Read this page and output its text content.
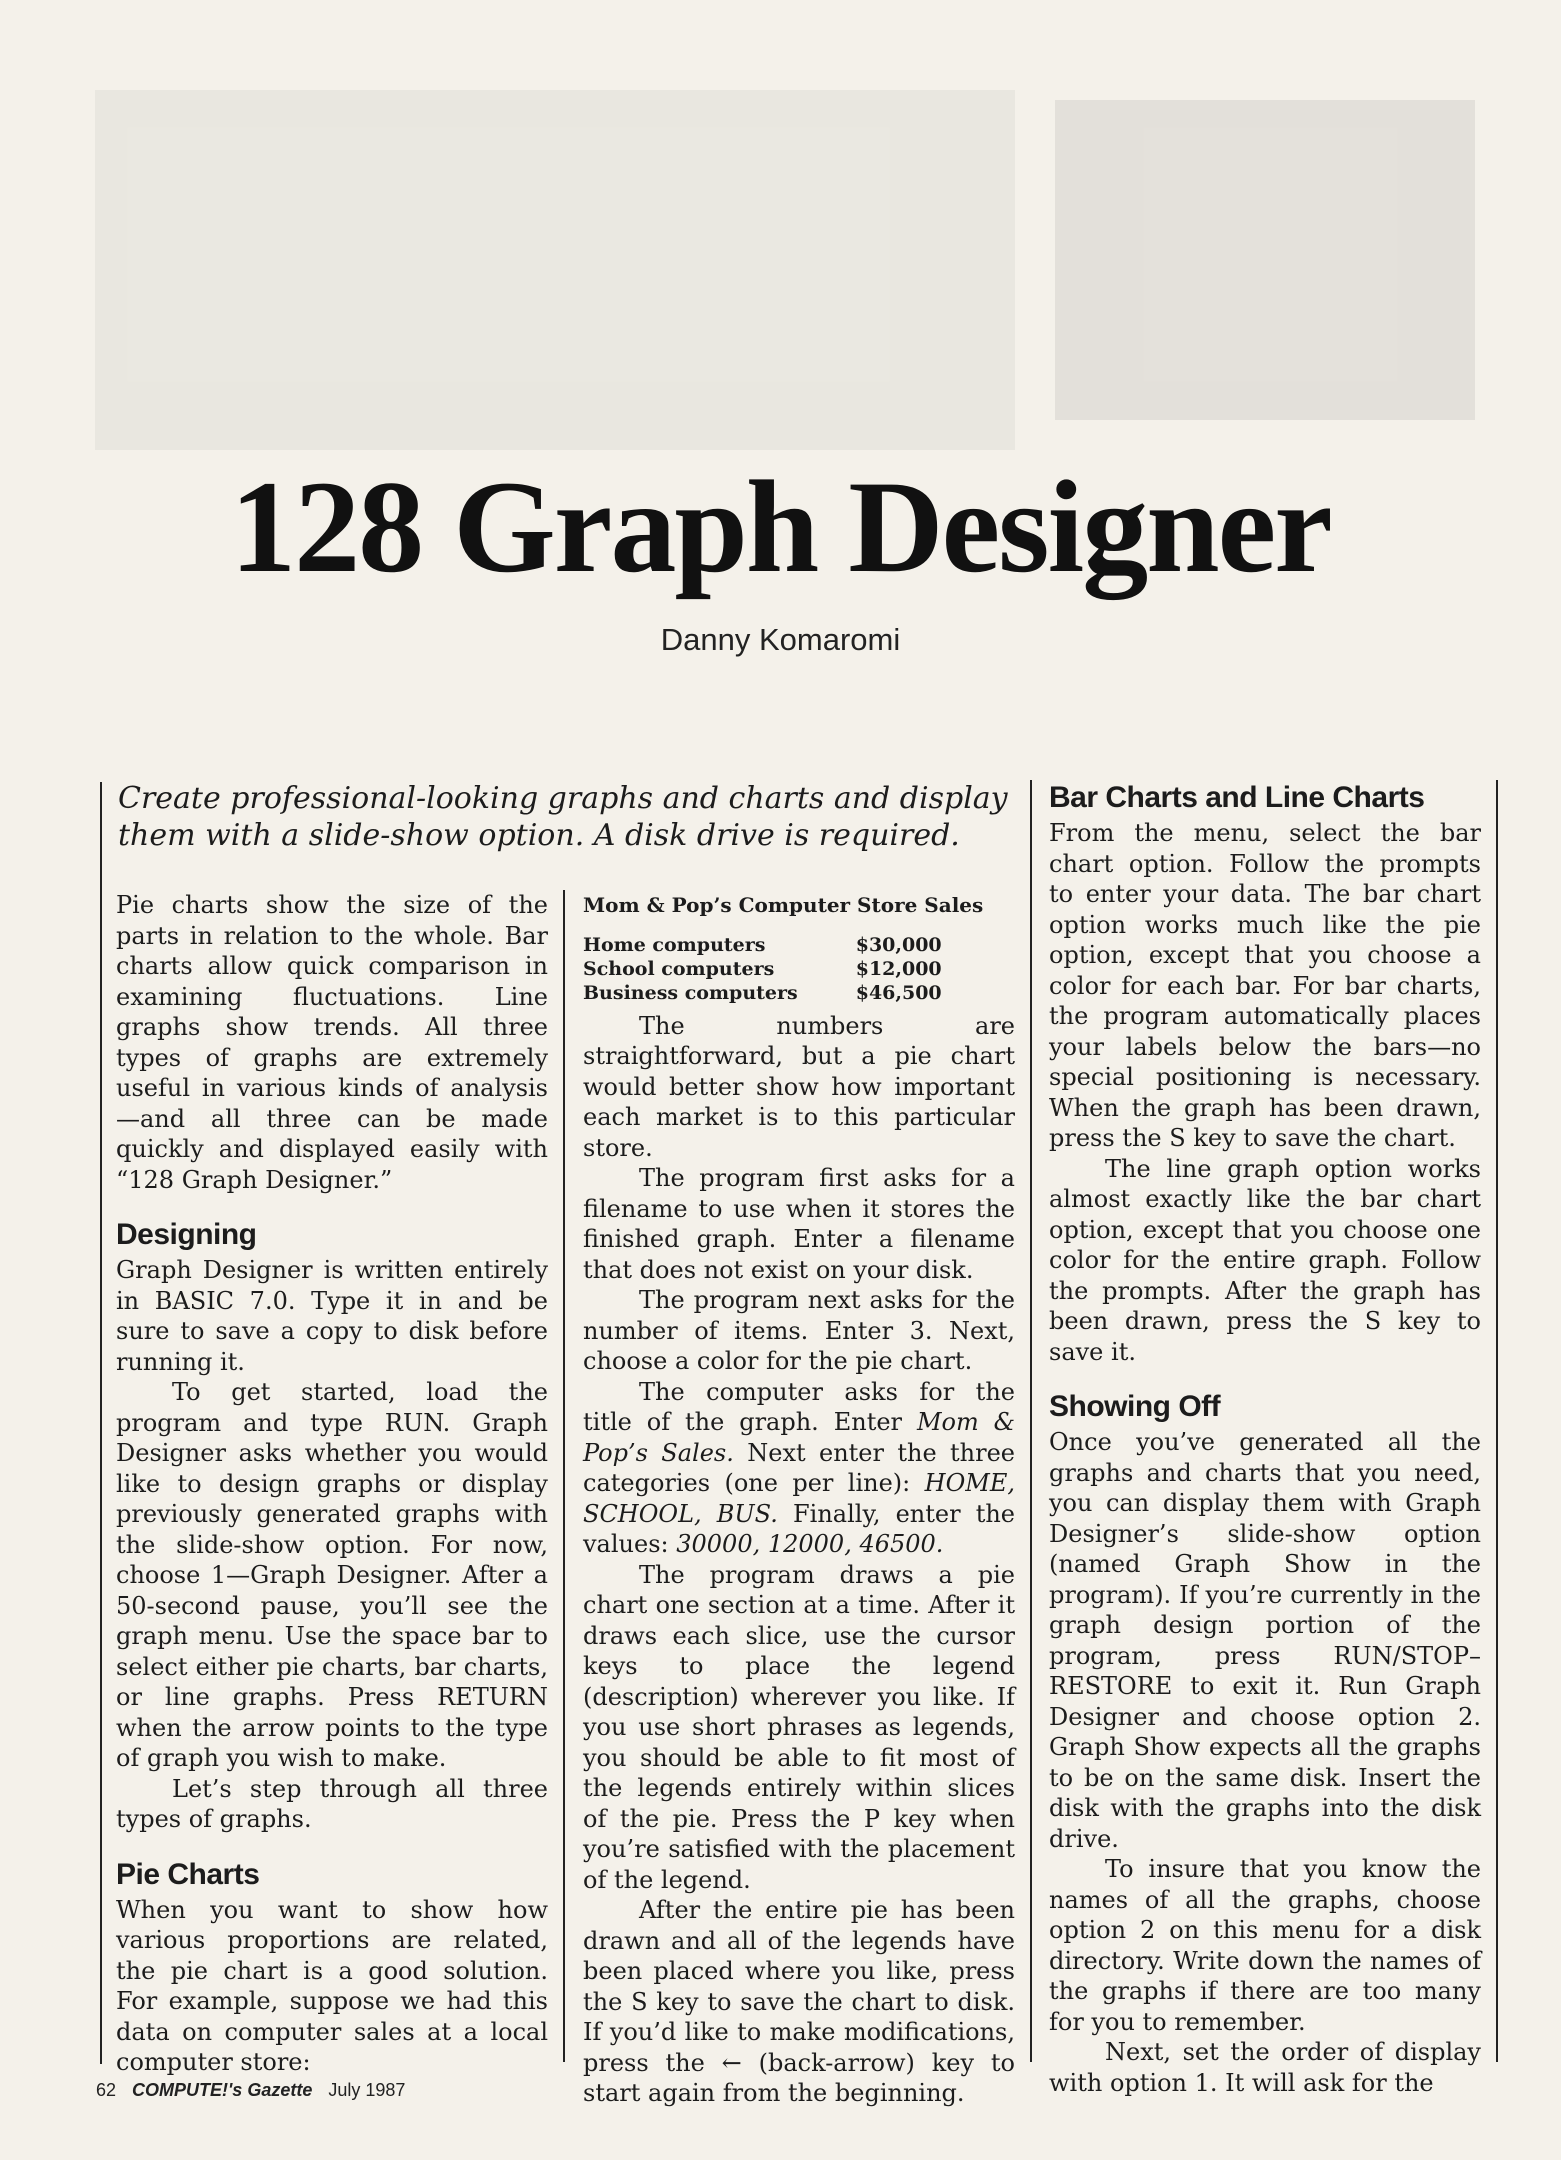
128 Graph Designer
Danny Komaromi

Create professional-looking graphs and charts and display them with a slide-show option. A disk drive is required.

Pie charts show the size of the parts in relation to the whole. Bar charts allow quick comparison in examining fluctuations. Line graphs show trends. All three types of graphs are extremely useful in various kinds of analysis—and all three can be made quickly and displayed easily with “128 Graph Designer.”

Designing

Graph Designer is written entirely in BASIC 7.0. Type it in and be sure to save a copy to disk before running it.

To get started, load the program and type RUN. Graph Designer asks whether you would like to design graphs or display previously generated graphs with the slide-show option. For now, choose 1—Graph Designer. After a 50-second pause, you’ll see the graph menu. Use the space bar to select either pie charts, bar charts, or line graphs. Press RETURN when the arrow points to the type of graph you wish to make.

Let’s step through all three types of graphs.

Pie Charts

When you want to show how various proportions are related, the pie chart is a good solution. For example, suppose we had this data on computer sales at a local computer store:

Mom & Pop’s Computer Store Sales
Home computers	$30,000
School computers	$12,000
Business computers	$46,500

The numbers are straightforward, but a pie chart would better show how important each market is to this particular store.

The program first asks for a filename to use when it stores the finished graph. Enter a filename that does not exist on your disk.

The program next asks for the number of items. Enter 3. Next, choose a color for the pie chart.

The computer asks for the title of the graph. Enter Mom & Pop’s Sales. Next enter the three categories (one per line): HOME, SCHOOL, BUS. Finally, enter the values: 30000, 12000, 46500.

The program draws a pie chart one section at a time. After it draws each slice, use the cursor keys to place the legend (description) wherever you like. If you use short phrases as legends, you should be able to fit most of the legends entirely within slices of the pie. Press the P key when you’re satisfied with the placement of the legend.

After the entire pie has been drawn and all of the legends have been placed where you like, press the S key to save the chart to disk. If you’d like to make modifications, press the ← (back-arrow) key to start again from the beginning.

Bar Charts and Line Charts

From the menu, select the bar chart option. Follow the prompts to enter your data. The bar chart option works much like the pie option, except that you choose a color for each bar. For bar charts, the program automatically places your labels below the bars—no special positioning is necessary. When the graph has been drawn, press the S key to save the chart.

The line graph option works almost exactly like the bar chart option, except that you choose one color for the entire graph. Follow the prompts. After the graph has been drawn, press the S key to save it.

Showing Off

Once you’ve generated all the graphs and charts that you need, you can display them with Graph Designer’s slide-show option (named Graph Show in the program). If you’re currently in the graph design portion of the program, press RUN/STOP–RESTORE to exit it. Run Graph Designer and choose option 2. Graph Show expects all the graphs to be on the same disk. Insert the disk with the graphs into the disk drive.

To insure that you know the names of all the graphs, choose option 2 on this menu for a disk directory. Write down the names of the graphs if there are too many for you to remember.

Next, set the order of display with option 1. It will ask for the

62 COMPUTE!'s Gazette July 1987
